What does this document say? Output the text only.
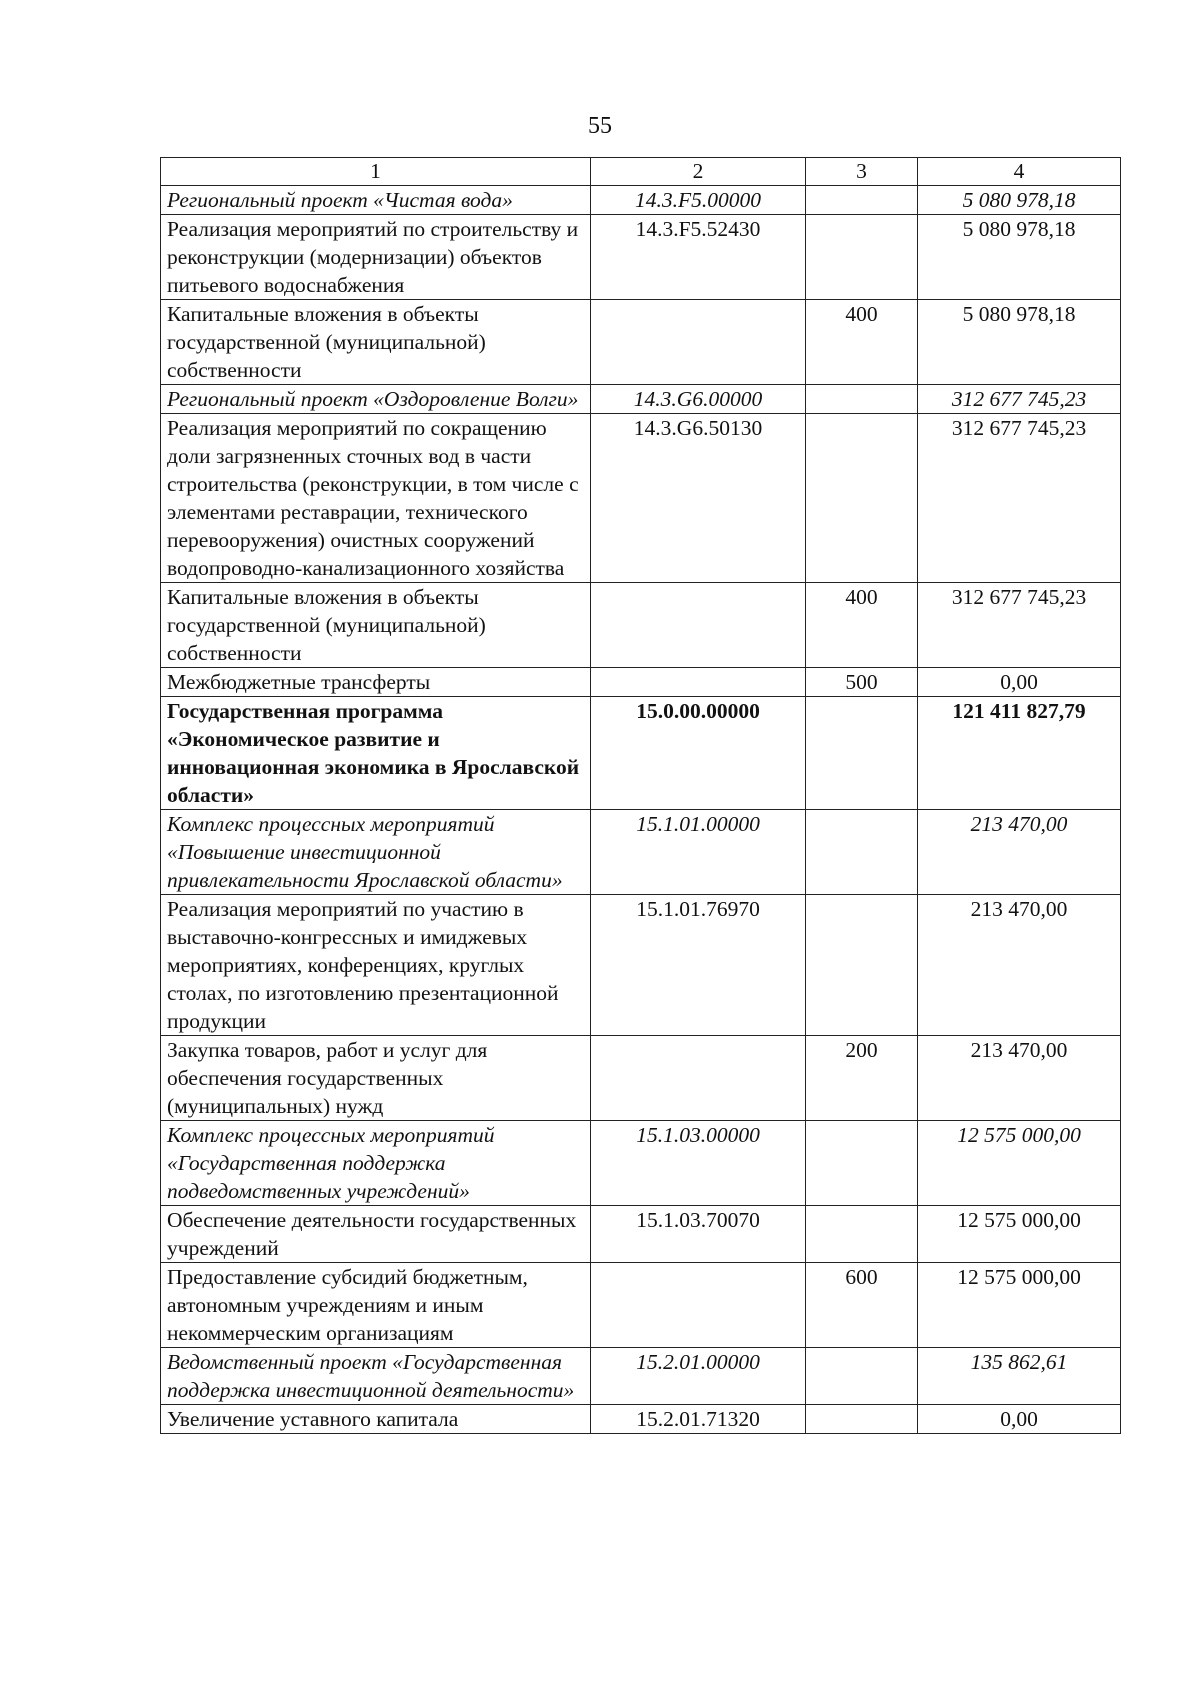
55
1	2	3	4
Региональный проект «Чистая вода»	14.3.F5.00000		5 080 978,18
Реализация мероприятий по строительству и реконструкции (модернизации) объектов питьевого водоснабжения	14.3.F5.52430		5 080 978,18
Капитальные вложения в объекты государственной (муниципальной) собственности		400	5 080 978,18
Региональный проект «Оздоровление Волги»	14.3.G6.00000		312 677 745,23
Реализация мероприятий по сокращению доли загрязненных сточных вод в части строительства (реконструкции, в том числе с элементами реставрации, технического перевооружения) очистных сооружений водопроводно-канализационного хозяйства	14.3.G6.50130		312 677 745,23
Капитальные вложения в объекты государственной (муниципальной) собственности		400	312 677 745,23
Межбюджетные трансферты		500	0,00
Государственная программа «Экономическое развитие и инновационная экономика в Ярославской области»	15.0.00.00000		121 411 827,79
Комплекс процессных мероприятий «Повышение инвестиционной привлекательности Ярославской области»	15.1.01.00000		213 470,00
Реализация мероприятий по участию в выставочно-конгрессных и имиджевых мероприятиях, конференциях, круглых столах, по изготовлению презентационной продукции	15.1.01.76970		213 470,00
Закупка товаров, работ и услуг для обеспечения государственных (муниципальных) нужд		200	213 470,00
Комплекс процессных мероприятий «Государственная поддержка подведомственных учреждений»	15.1.03.00000		12 575 000,00
Обеспечение деятельности государственных учреждений	15.1.03.70070		12 575 000,00
Предоставление субсидий бюджетным, автономным учреждениям и иным некоммерческим организациям		600	12 575 000,00
Ведомственный проект «Государственная поддержка инвестиционной деятельности»	15.2.01.00000		135 862,61
Увеличение уставного капитала	15.2.01.71320		0,00
